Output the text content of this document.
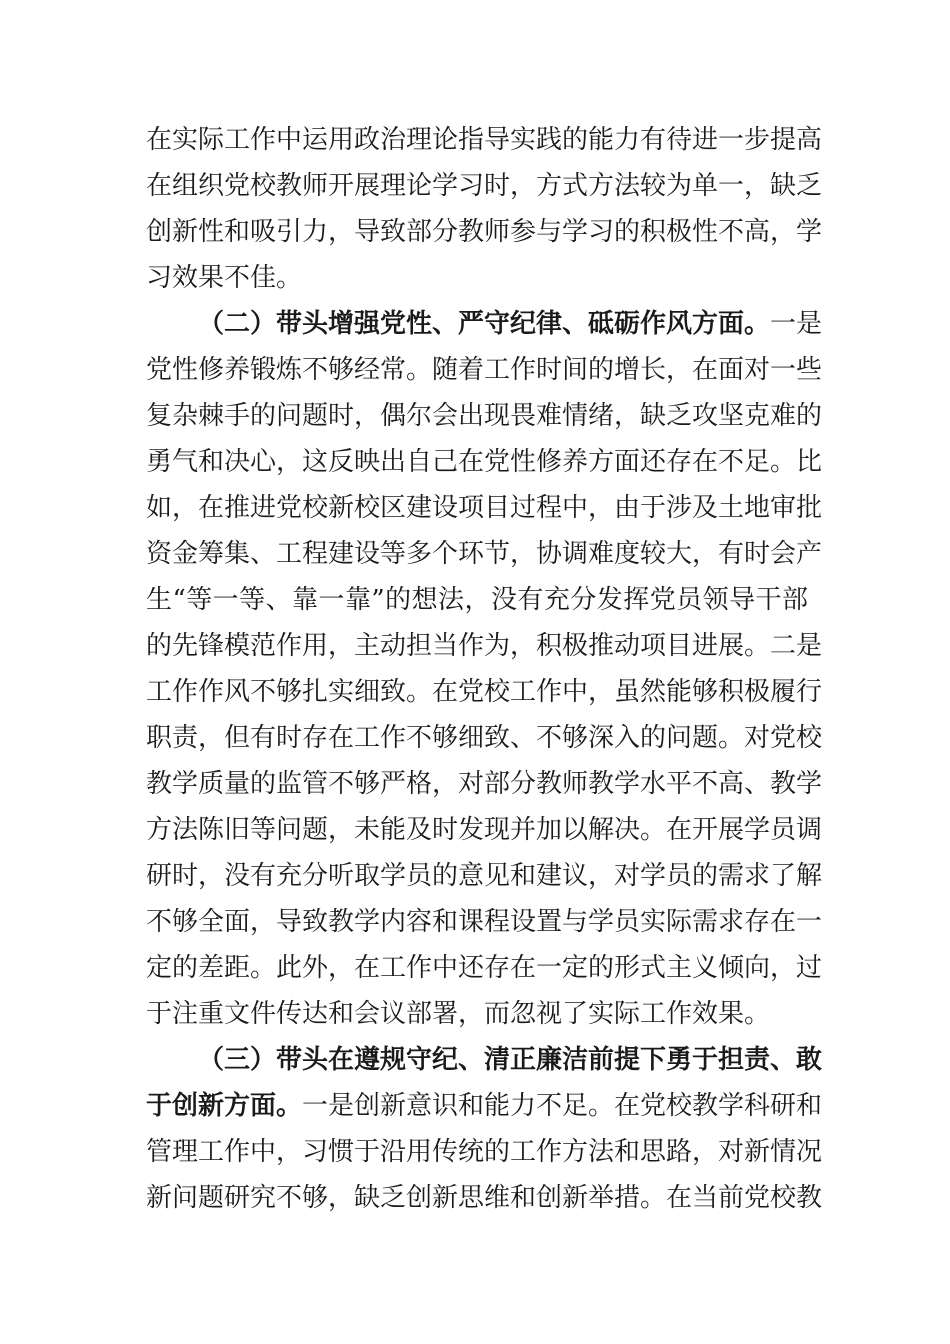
在实际工作中运用政治理论指导实践的能力有待进一步提高
在组织党校教师开展理论学习时，方式方法较为单一，缺乏
创新性和吸引力，导致部分教师参与学习的积极性不高，学
习效果不佳。
（二）带头增强党性、严守纪律、砥砺作风方面。一是
党性修养锻炼不够经常。随着工作时间的增长，在面对一些
复杂棘手的问题时，偶尔会出现畏难情绪，缺乏攻坚克难的
勇气和决心，这反映出自己在党性修养方面还存在不足。比
如，在推进党校新校区建设项目过程中，由于涉及土地审批
资金筹集、工程建设等多个环节，协调难度较大，有时会产
生“等一等、靠一靠”的想法，没有充分发挥党员领导干部
的先锋模范作用，主动担当作为，积极推动项目进展。二是
工作作风不够扎实细致。在党校工作中，虽然能够积极履行
职责，但有时存在工作不够细致、不够深入的问题。对党校
教学质量的监管不够严格，对部分教师教学水平不高、教学
方法陈旧等问题，未能及时发现并加以解决。在开展学员调
研时，没有充分听取学员的意见和建议，对学员的需求了解
不够全面，导致教学内容和课程设置与学员实际需求存在一
定的差距。此外，在工作中还存在一定的形式主义倾向，过
于注重文件传达和会议部署，而忽视了实际工作效果。
（三）带头在遵规守纪、清正廉洁前提下勇于担责、敢
于创新方面。一是创新意识和能力不足。在党校教学科研和
管理工作中，习惯于沿用传统的工作方法和思路，对新情况
新问题研究不够，缺乏创新思维和创新举措。在当前党校教
